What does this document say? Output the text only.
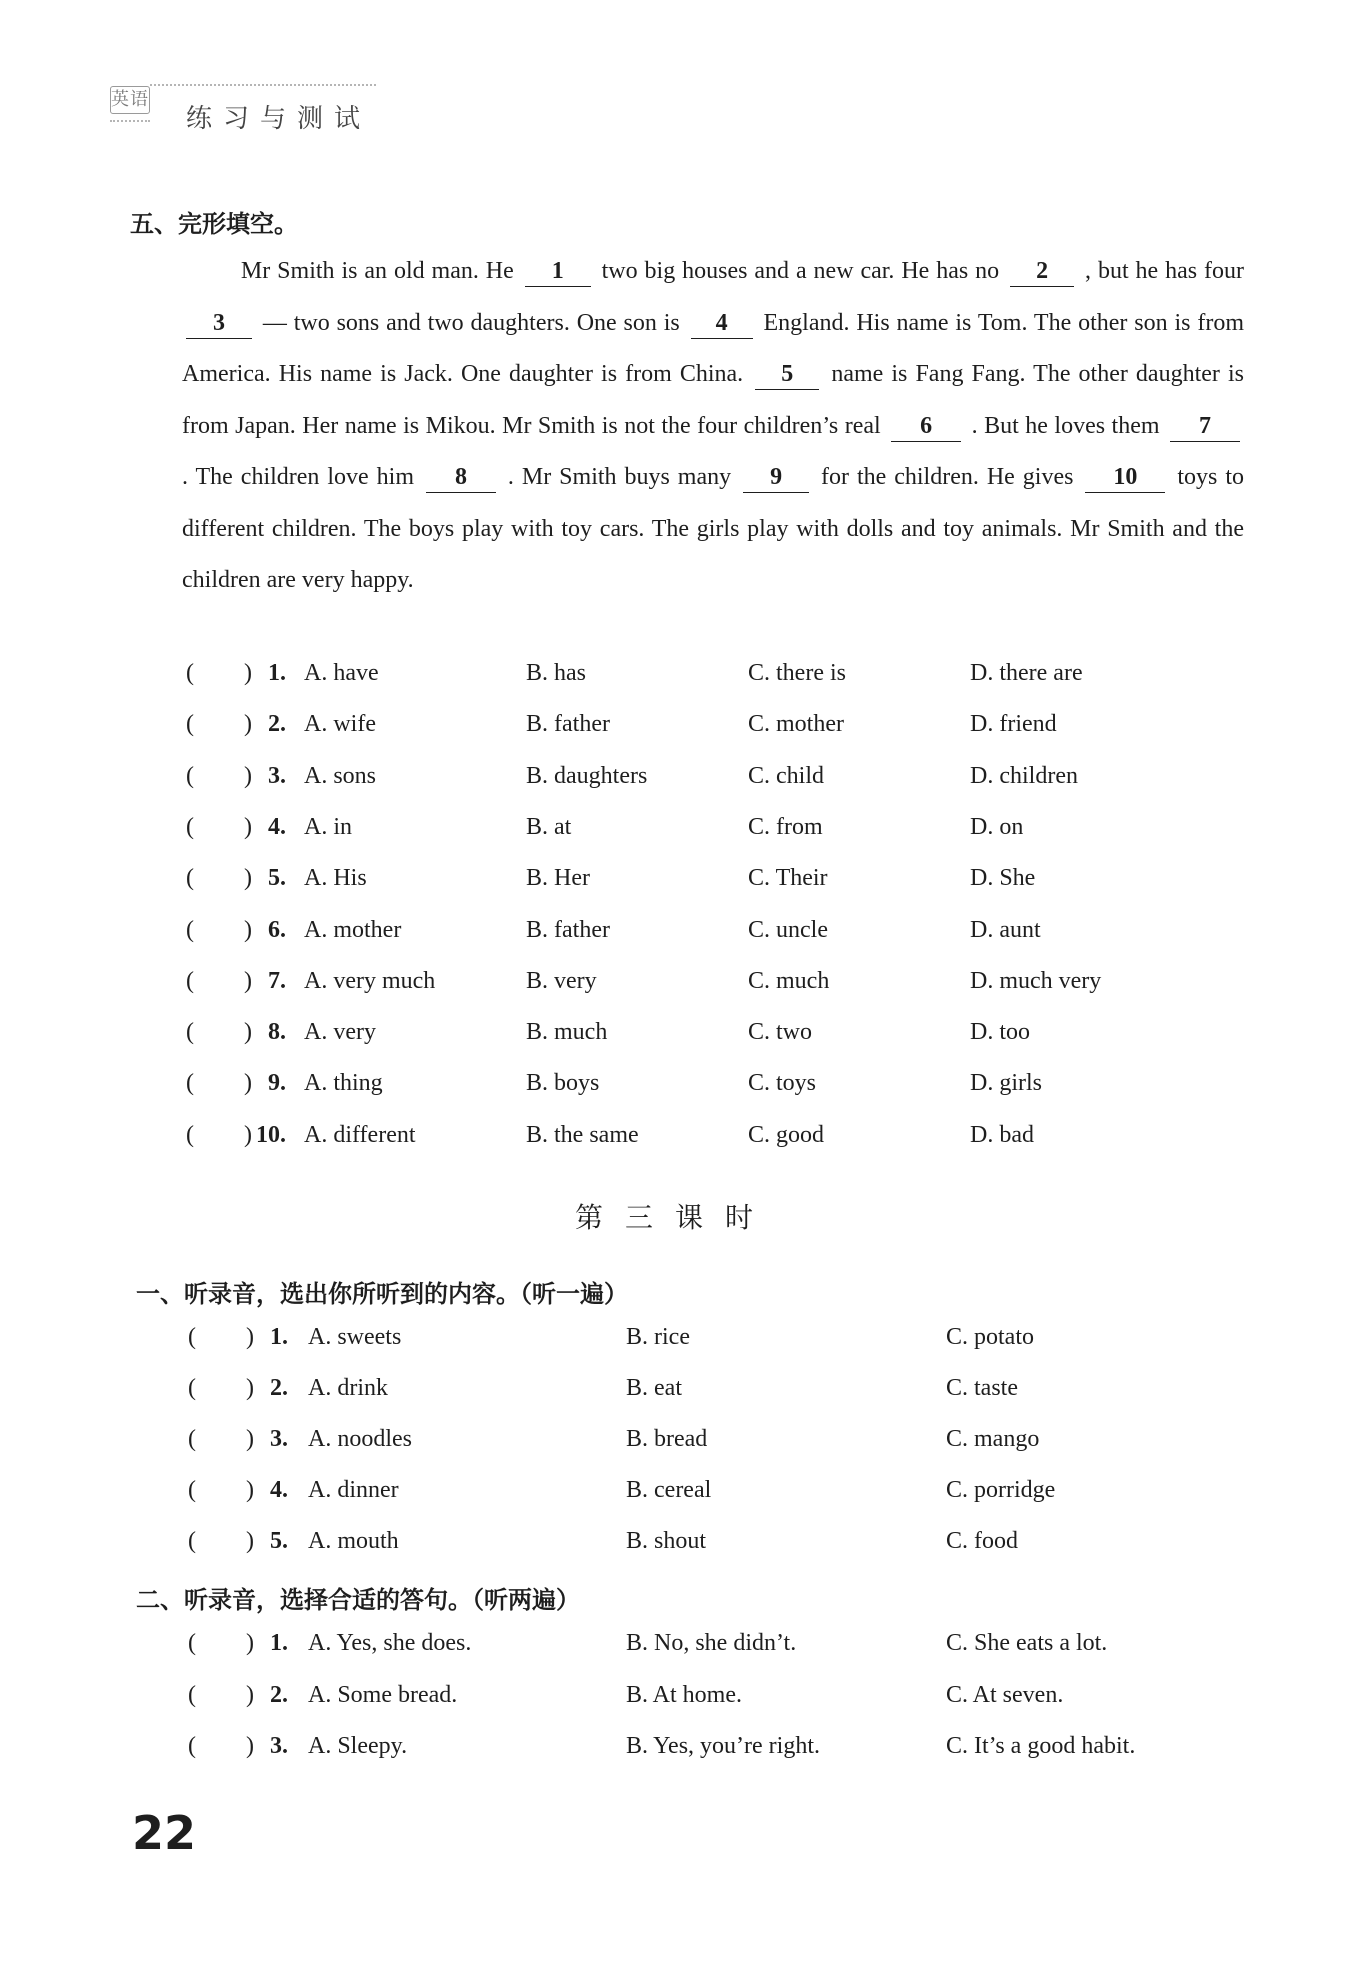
英语
练习与测试
五、完形填空。
Mr Smith is an old man. He 1 two big houses and a new car. He has no 2 , but he has four 3 — two sons and two daughters. One son is 4 England. His name is Tom. The other son is from America. His name is Jack. One daughter is from China. 5 name is Fang Fang. The other daughter is from Japan. Her name is Mikou. Mr Smith is not the four children’s real 6 . But he loves them 7 . The children love him 8 . Mr Smith buys many 9 for the children. He gives 10 toys to different children. The boys play with toy cars. The girls play with dolls and toy animals. Mr Smith and the children are very happy.
( ) 1. A. have	B. has	C. there is	D. there are
( ) 2. A. wife	B. father	C. mother	D. friend
( ) 3. A. sons	B. daughters	C. child	D. children
( ) 4. A. in	B. at	C. from	D. on
( ) 5. A. His	B. Her	C. Their	D. She
( ) 6. A. mother	B. father	C. uncle	D. aunt
( ) 7. A. very much	B. very	C. much	D. much very
( ) 8. A. very	B. much	C. two	D. too
( ) 9. A. thing	B. boys	C. toys	D. girls
( ) 10. A. different	B. the same	C. good	D. bad
第三课时
一、听录音，选出你所听到的内容。（听一遍）
( ) 1. A. sweets	B. rice	C. potato
( ) 2. A. drink	B. eat	C. taste
( ) 3. A. noodles	B. bread	C. mango
( ) 4. A. dinner	B. cereal	C. porridge
( ) 5. A. mouth	B. shout	C. food
二、听录音，选择合适的答句。（听两遍）
( ) 1. A. Yes, she does.	B. No, she didn’t.	C. She eats a lot.
( ) 2. A. Some bread.	B. At home.	C. At seven.
( ) 3. A. Sleepy.	B. Yes, you’re right.	C. It’s a good habit.
22
